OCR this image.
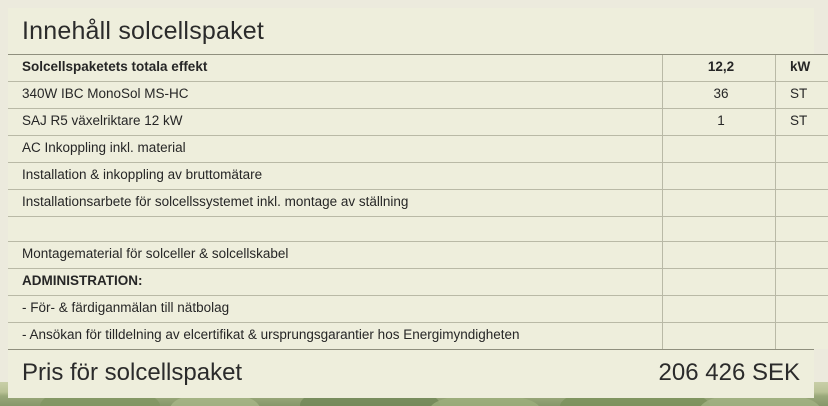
Innehåll solcellspaket
Solcellspaketets totala effekt	12,2	kW
340W IBC MonoSol MS-HC	36	ST
SAJ R5 växelriktare 12 kW	1	ST
AC Inkoppling inkl. material		
Installation & inkoppling av bruttomätare		
Installationsarbete för solcellssystemet inkl. montage av ställning		

Montagematerial för solceller & solcellskabel		
ADMINISTRATION:		
- För- & färdiganmälan till nätbolag		
- Ansökan för tilldelning av elcertifikat & ursprungsgarantier hos Energimyndigheten		
Pris för solcellspaket	206 426 SEK
